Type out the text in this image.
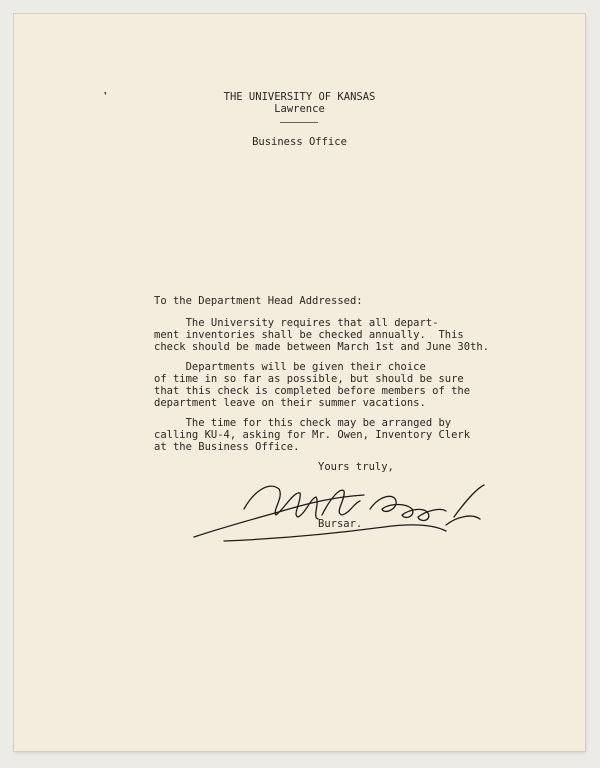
❜	THE UNIVERSITY OF KANSAS
Lawrence
Business Office
To the Department Head Addressed:
The University requires that all depart-
ment inventories shall be checked annually.  This
check should be made between March 1st and June 30th.
Departments will be given their choice
of time in so far as possible, but should be sure
that this check is completed before members of the
department leave on their summer vacations.
The time for this check may be arranged by
calling KU-4, asking for Mr. Owen, Inventory Clerk
at the Business Office.
Yours truly,
Bursar.
